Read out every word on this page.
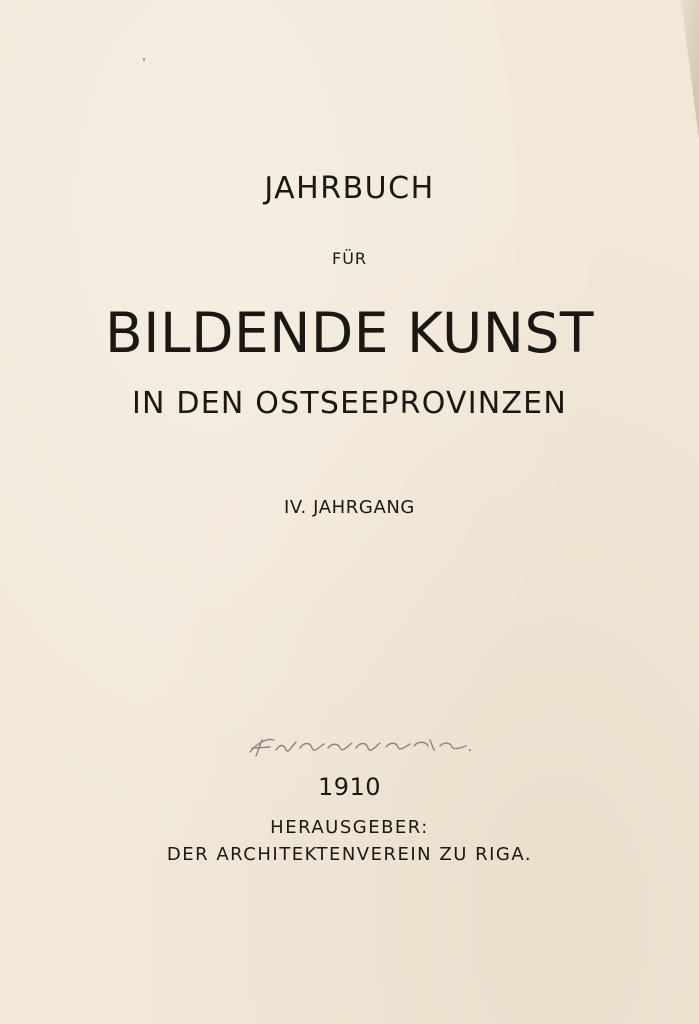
JAHRBUCH
FÜR
BILDENDE KUNST
IN DEN OSTSEEPROVINZEN
IV. JAHRGANG
1910
HERAUSGEBER:
DER ARCHITEKTENVEREIN ZU RIGA.
